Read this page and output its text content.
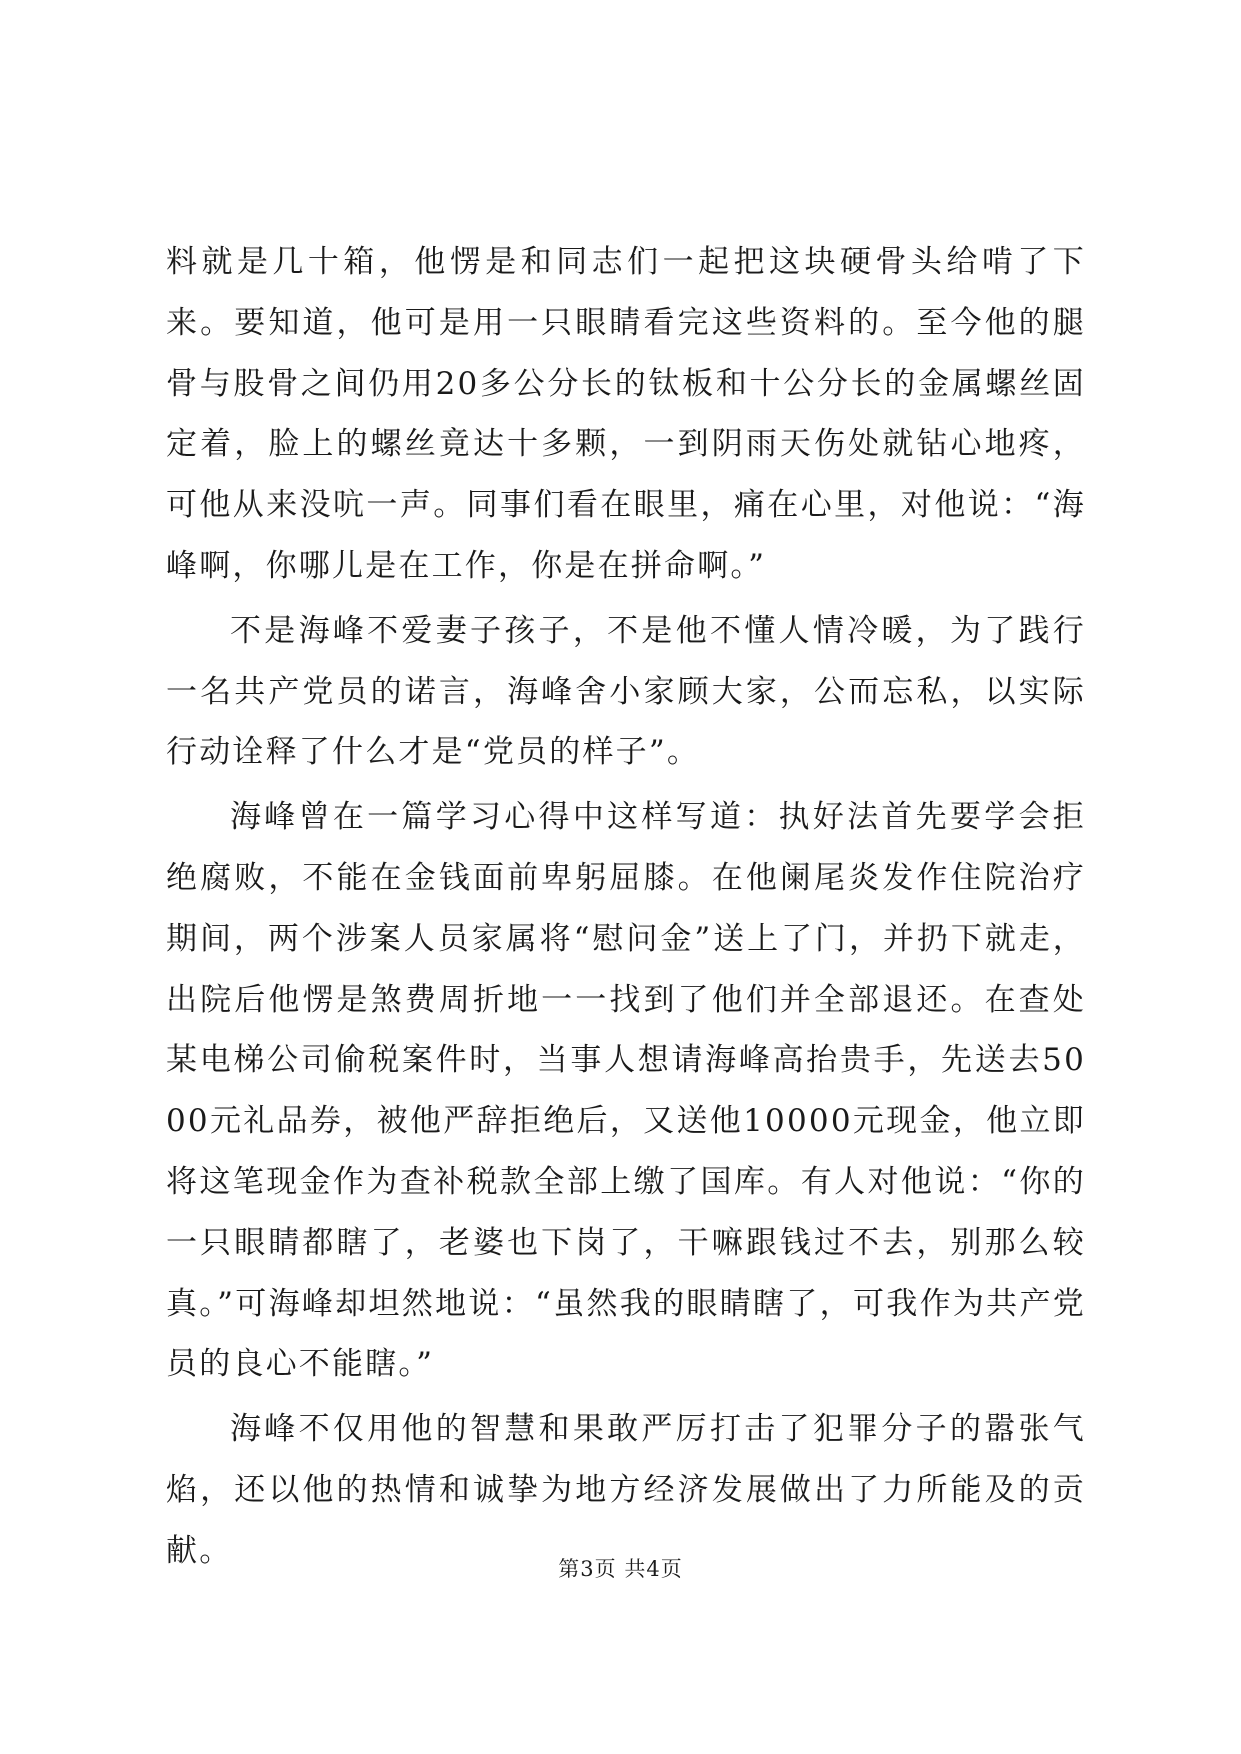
料就是几十箱，他愣是和同志们一起把这块硬骨头给啃了下来。要知道，他可是用一只眼睛看完这些资料的。至今他的腿骨与股骨之间仍用20多公分长的钛板和十公分长的金属螺丝固定着，脸上的螺丝竟达十多颗，一到阴雨天伤处就钻心地疼，可他从来没吭一声。同事们看在眼里，痛在心里，对他说：“海峰啊，你哪儿是在工作，你是在拼命啊。”

不是海峰不爱妻子孩子，不是他不懂人情冷暖，为了践行一名共产党员的诺言，海峰舍小家顾大家，公而忘私，以实际行动诠释了什么才是“党员的样子”。

海峰曾在一篇学习心得中这样写道：执好法首先要学会拒绝腐败，不能在金钱面前卑躬屈膝。在他阑尾炎发作住院治疗期间，两个涉案人员家属将“慰问金”送上了门，并扔下就走，出院后他愣是煞费周折地一一找到了他们并全部退还。在查处某电梯公司偷税案件时，当事人想请海峰高抬贵手，先送去5000元礼品券，被他严辞拒绝后，又送他10000元现金，他立即将这笔现金作为查补税款全部上缴了国库。有人对他说：“你的一只眼睛都瞎了，老婆也下岗了，干嘛跟钱过不去，别那么较真。”可海峰却坦然地说：“虽然我的眼睛瞎了，可我作为共产党员的良心不能瞎。”

海峰不仅用他的智慧和果敢严厉打击了犯罪分子的嚣张气焰，还以他的热情和诚挚为地方经济发展做出了力所能及的贡献。

第3页 共4页
